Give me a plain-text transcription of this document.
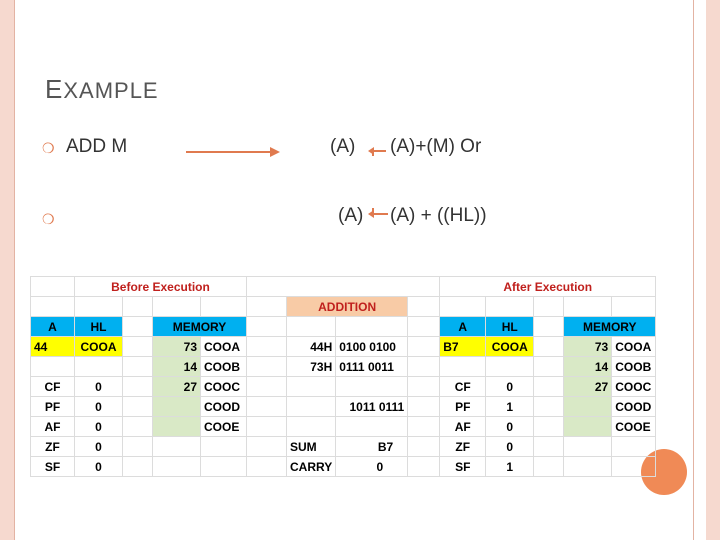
EXAMPLE
❍ ADD M	(A) (A)+(M) Or
❍	(A) (A) + ((HL))
	Before Execution								After Execution				
						ADDITION							
A	HL		MEMORY						A	HL		MEMORY	
44	COOA		73	COOA		44H	0100 0100		B7	COOA		73	COOA
			14	COOB		73H	0111 0011					14	COOB
CF	0		27	COOC					CF	0		27	COOC
PF	0			COOD			1011 0111		PF	1			COOD
AF	0			COOE					AF	0			COOE
ZF	0					SUM	B7		ZF	0			
SF	0					CARRY	0		SF	1			
